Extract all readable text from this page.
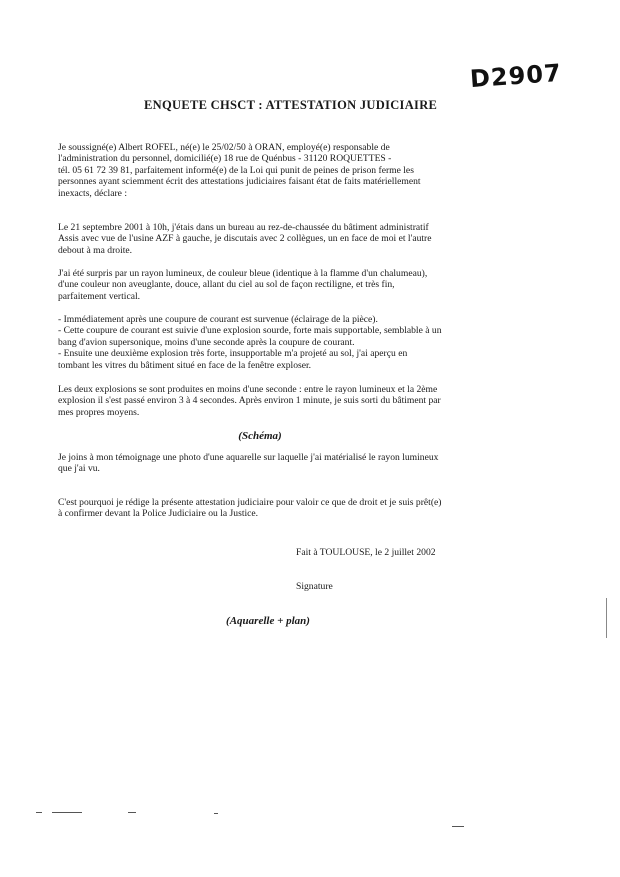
D2907
ENQUETE CHSCT : ATTESTATION JUDICIAIRE
Je soussigné(e) Albert ROFEL, né(e) le 25/02/50 à ORAN, employé(e) responsable de
l'administration du personnel, domicilié(e) 18 rue de Quénbus - 31120 ROQUETTES -
tél. 05 61 72 39 81, parfaitement informé(e) de la Loi qui punit de peines de prison ferme les
personnes ayant sciemment écrit des attestations judiciaires faisant état de faits matériellement
inexacts, déclare :
Le 21 septembre 2001 à 10h, j'étais dans un bureau au rez-de-chaussée du bâtiment administratif
Assis avec vue de l'usine AZF à gauche, je discutais avec 2 collègues, un en face de moi et l'autre
debout à ma droite.
J'ai été surpris par un rayon lumineux, de couleur bleue (identique à la flamme d'un chalumeau),
d'une couleur non aveuglante, douce, allant du ciel au sol de façon rectiligne, et très fin,
parfaitement vertical.
- Immédiatement après une coupure de courant est survenue (éclairage de la pièce).
- Cette coupure de courant est suivie d'une explosion sourde, forte mais supportable, semblable à un
bang d'avion supersonique, moins d'une seconde après la coupure de courant.
- Ensuite une deuxième explosion très forte, insupportable m'a projeté au sol, j'ai aperçu en
tombant les vitres du bâtiment situé en face de la fenêtre exploser.
Les deux explosions se sont produites en moins d'une seconde : entre le rayon lumineux et la 2ème
explosion il s'est passé environ 3 à 4 secondes. Après environ 1 minute, je suis sorti du bâtiment par
mes propres moyens.
(Schéma)
Je joins à mon témoignage une photo d'une aquarelle sur laquelle j'ai matérialisé le rayon lumineux
que j'ai vu.
C'est pourquoi je rédige la présente attestation judiciaire pour valoir ce que de droit et je suis prêt(e)
à confirmer devant la Police Judiciaire ou la Justice.
Fait à TOULOUSE, le 2 juillet 2002
Signature
(Aquarelle + plan)
